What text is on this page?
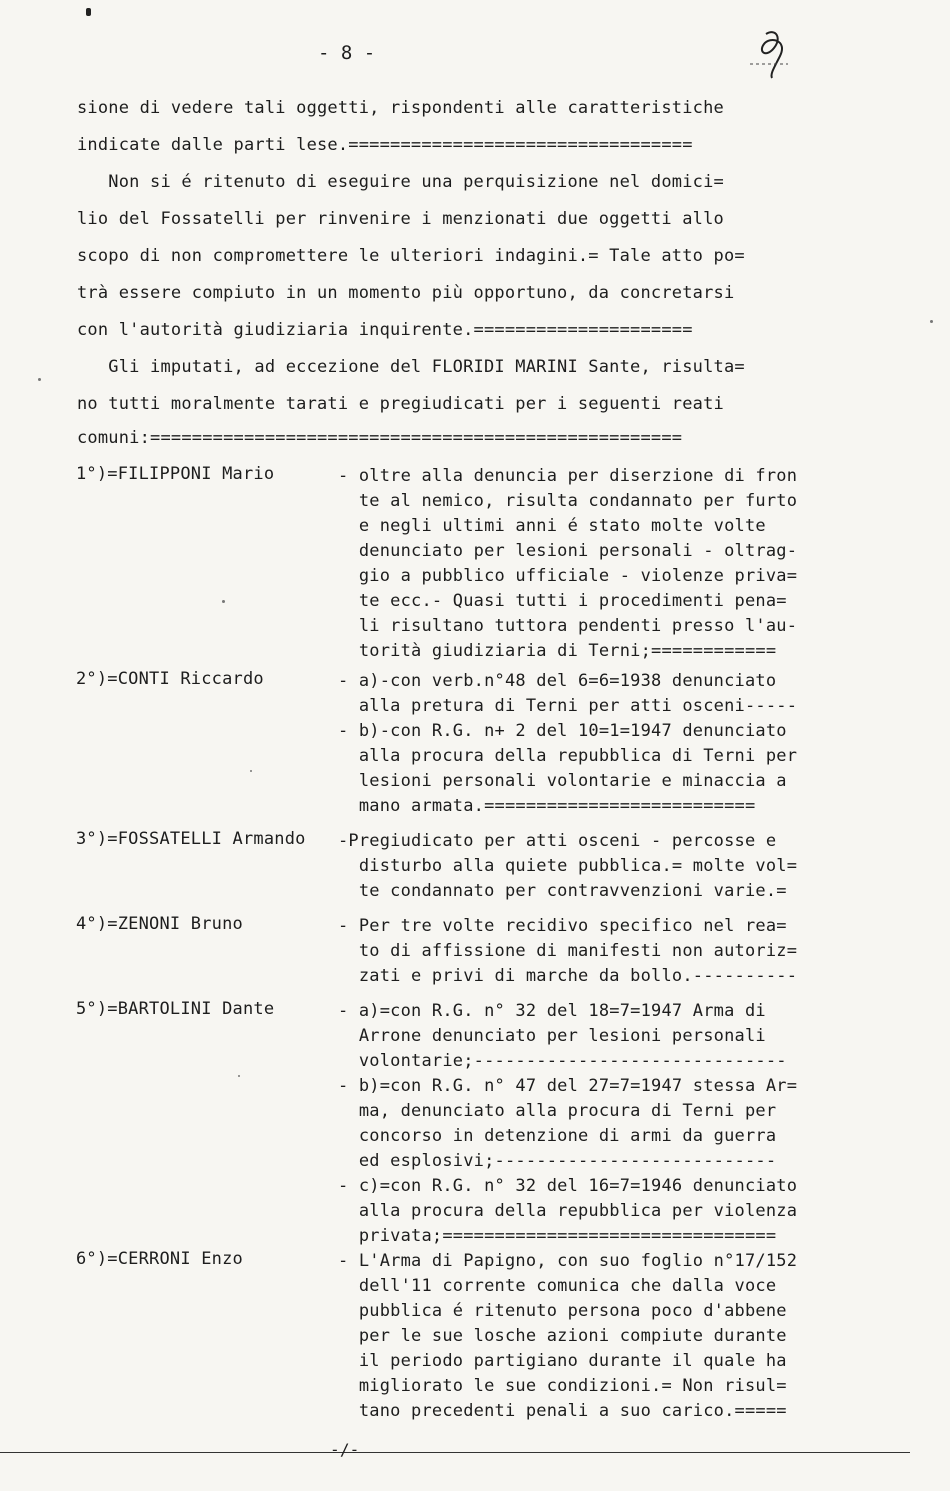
- 8 -
sione di vedere tali oggetti, rispondenti alle caratteristiche
indicate dalle parti lese.=================================
Non si é ritenuto di eseguire una perquisizione nel domici=
lio del Fossatelli per rinvenire i menzionati due oggetti allo
scopo di non compromettere le ulteriori indagini.= Tale atto po=
trà essere compiuto in un momento più opportuno, da concretarsi
con l'autorità giudiziaria inquirente.=====================
Gli imputati, ad eccezione del FLORIDI MARINI Sante, risulta=
no tutti moralmente tarati e pregiudicati per i seguenti reati
comuni:===================================================
1°)=FILIPPONI Mario	- oltre alla denuncia per diserzione di fron
te al nemico, risulta condannato per furto
e negli ultimi anni é stato molte volte
denunciato per lesioni personali - oltrag-
gio a pubblico ufficiale - violenze priva=
te ecc.- Quasi tutti i procedimenti pena=
li risultano tuttora pendenti presso l'au-
torità giudiziaria di Terni;============
2°)=CONTI Riccardo	- a)-con verb.n°48 del 6=6=1938 denunciato
alla pretura di Terni per atti osceni-----
- b)-con R.G. n+ 2 del 10=1=1947 denunciato
alla procura della repubblica di Terni per
lesioni personali volontarie e minaccia a
mano armata.==========================
3°)=FOSSATELLI Armando -Pregiudicato per atti osceni - percosse e
disturbo alla quiete pubblica.= molte vol=
te condannato per contravvenzioni varie.=
4°)=ZENONI Bruno	- Per tre volte recidivo specifico nel rea=
to di affissione di manifesti non autoriz=
zati e privi di marche da bollo.----------
5°)=BARTOLINI Dante	- a)=con R.G. n° 32 del 18=7=1947 Arma di
Arrone denunciato per lesioni personali
volontarie;------------------------------
- b)=con R.G. n° 47 del 27=7=1947 stessa Ar=
ma, denunciato alla procura di Terni per
concorso in detenzione di armi da guerra
ed esplosivi;---------------------------
- c)=con R.G. n° 32 del 16=7=1946 denunciato
alla procura della repubblica per violenza
privata;================================
6°)=CERRONI Enzo	- L'Arma di Papigno, con suo foglio n°17/152
dell'11 corrente comunica che dalla voce
pubblica é ritenuto persona poco d'abbene
per le sue losche azioni compiute durante
il periodo partigiano durante il quale ha
migliorato le sue condizioni.= Non risul=
tano precedenti penali a suo carico.=====
-/-
